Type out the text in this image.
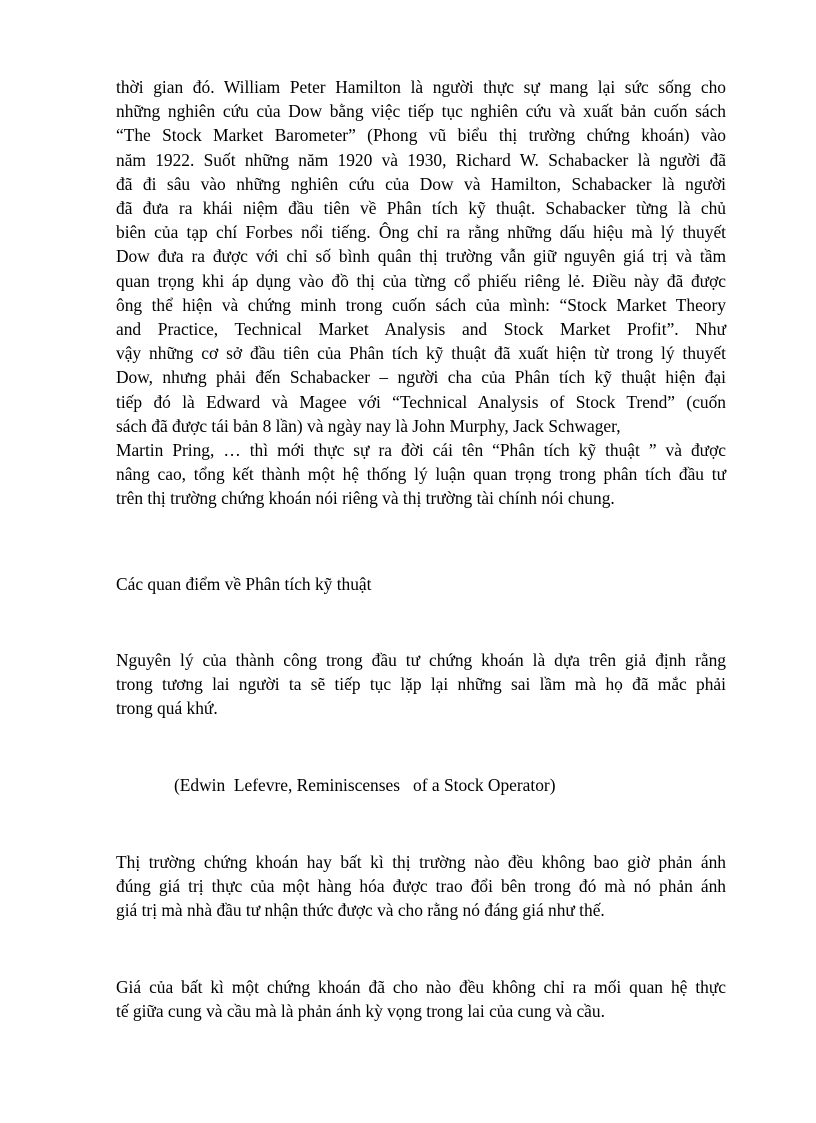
thời gian đó. William Peter Hamilton là người thực sự mang lại sức sống cho
những nghiên cứu của Dow bằng việc tiếp tục nghiên cứu và xuất bản cuốn sách
“The Stock Market Barometer” (Phong vũ biểu thị trường chứng khoán) vào
năm 1922. Suốt những năm 1920 và 1930, Richard W. Schabacker là người đã
đã đi sâu vào những nghiên cứu của Dow và Hamilton, Schabacker là người
đã đưa ra khái niệm đầu tiên về Phân tích kỹ thuật. Schabacker từng là chủ
biên của tạp chí Forbes nổi tiếng. Ông chỉ ra rằng những dấu hiệu mà lý thuyết
Dow đưa ra được với chỉ số bình quân thị trường vẫn giữ nguyên giá trị và tầm
quan trọng khi áp dụng vào đồ thị của từng cổ phiếu riêng lẻ. Điều này đã được
ông thể hiện và chứng minh trong cuốn sách của mình: “Stock Market Theory
and Practice, Technical Market Analysis and Stock Market Profit”. Như
vậy những cơ sở đầu tiên của Phân tích kỹ thuật đã xuất hiện từ trong lý thuyết
Dow, nhưng phải đến Schabacker – người cha của Phân tích kỹ thuật hiện đại
tiếp đó là Edward và Magee với “Technical Analysis of Stock Trend” (cuốn
sách đã được tái bản 8 lần) và ngày nay là John Murphy, Jack Schwager,
Martin Pring, … thì mới thực sự ra đời cái tên “Phân tích kỹ thuật ” và được
nâng cao, tổng kết thành một hệ thống lý luận quan trọng trong phân tích đầu tư
trên thị trường chứng khoán nói riêng và thị trường tài chính nói chung.
Các quan điểm về Phân tích kỹ thuật
Nguyên lý của thành công trong đầu tư chứng khoán là dựa trên giả định rằng
trong tương lai người ta sẽ tiếp tục lặp lại những sai lầm mà họ đã mắc phải
trong quá khứ.
(Edwin  Lefevre, Reminiscenses   of a Stock Operator)
Thị trường chứng khoán hay bất kì thị trường nào đều không bao giờ phản ánh
đúng giá trị thực của một hàng hóa được trao đổi bên trong đó mà nó phản ánh
giá trị mà nhà đầu tư nhận thức được và cho rằng nó đáng giá như thế.
Giá của bất kì một chứng khoán đã cho nào đều không chỉ ra mối quan hệ thực
tế giữa cung và cầu mà là phản ánh kỳ vọng trong lai của cung và cầu.
